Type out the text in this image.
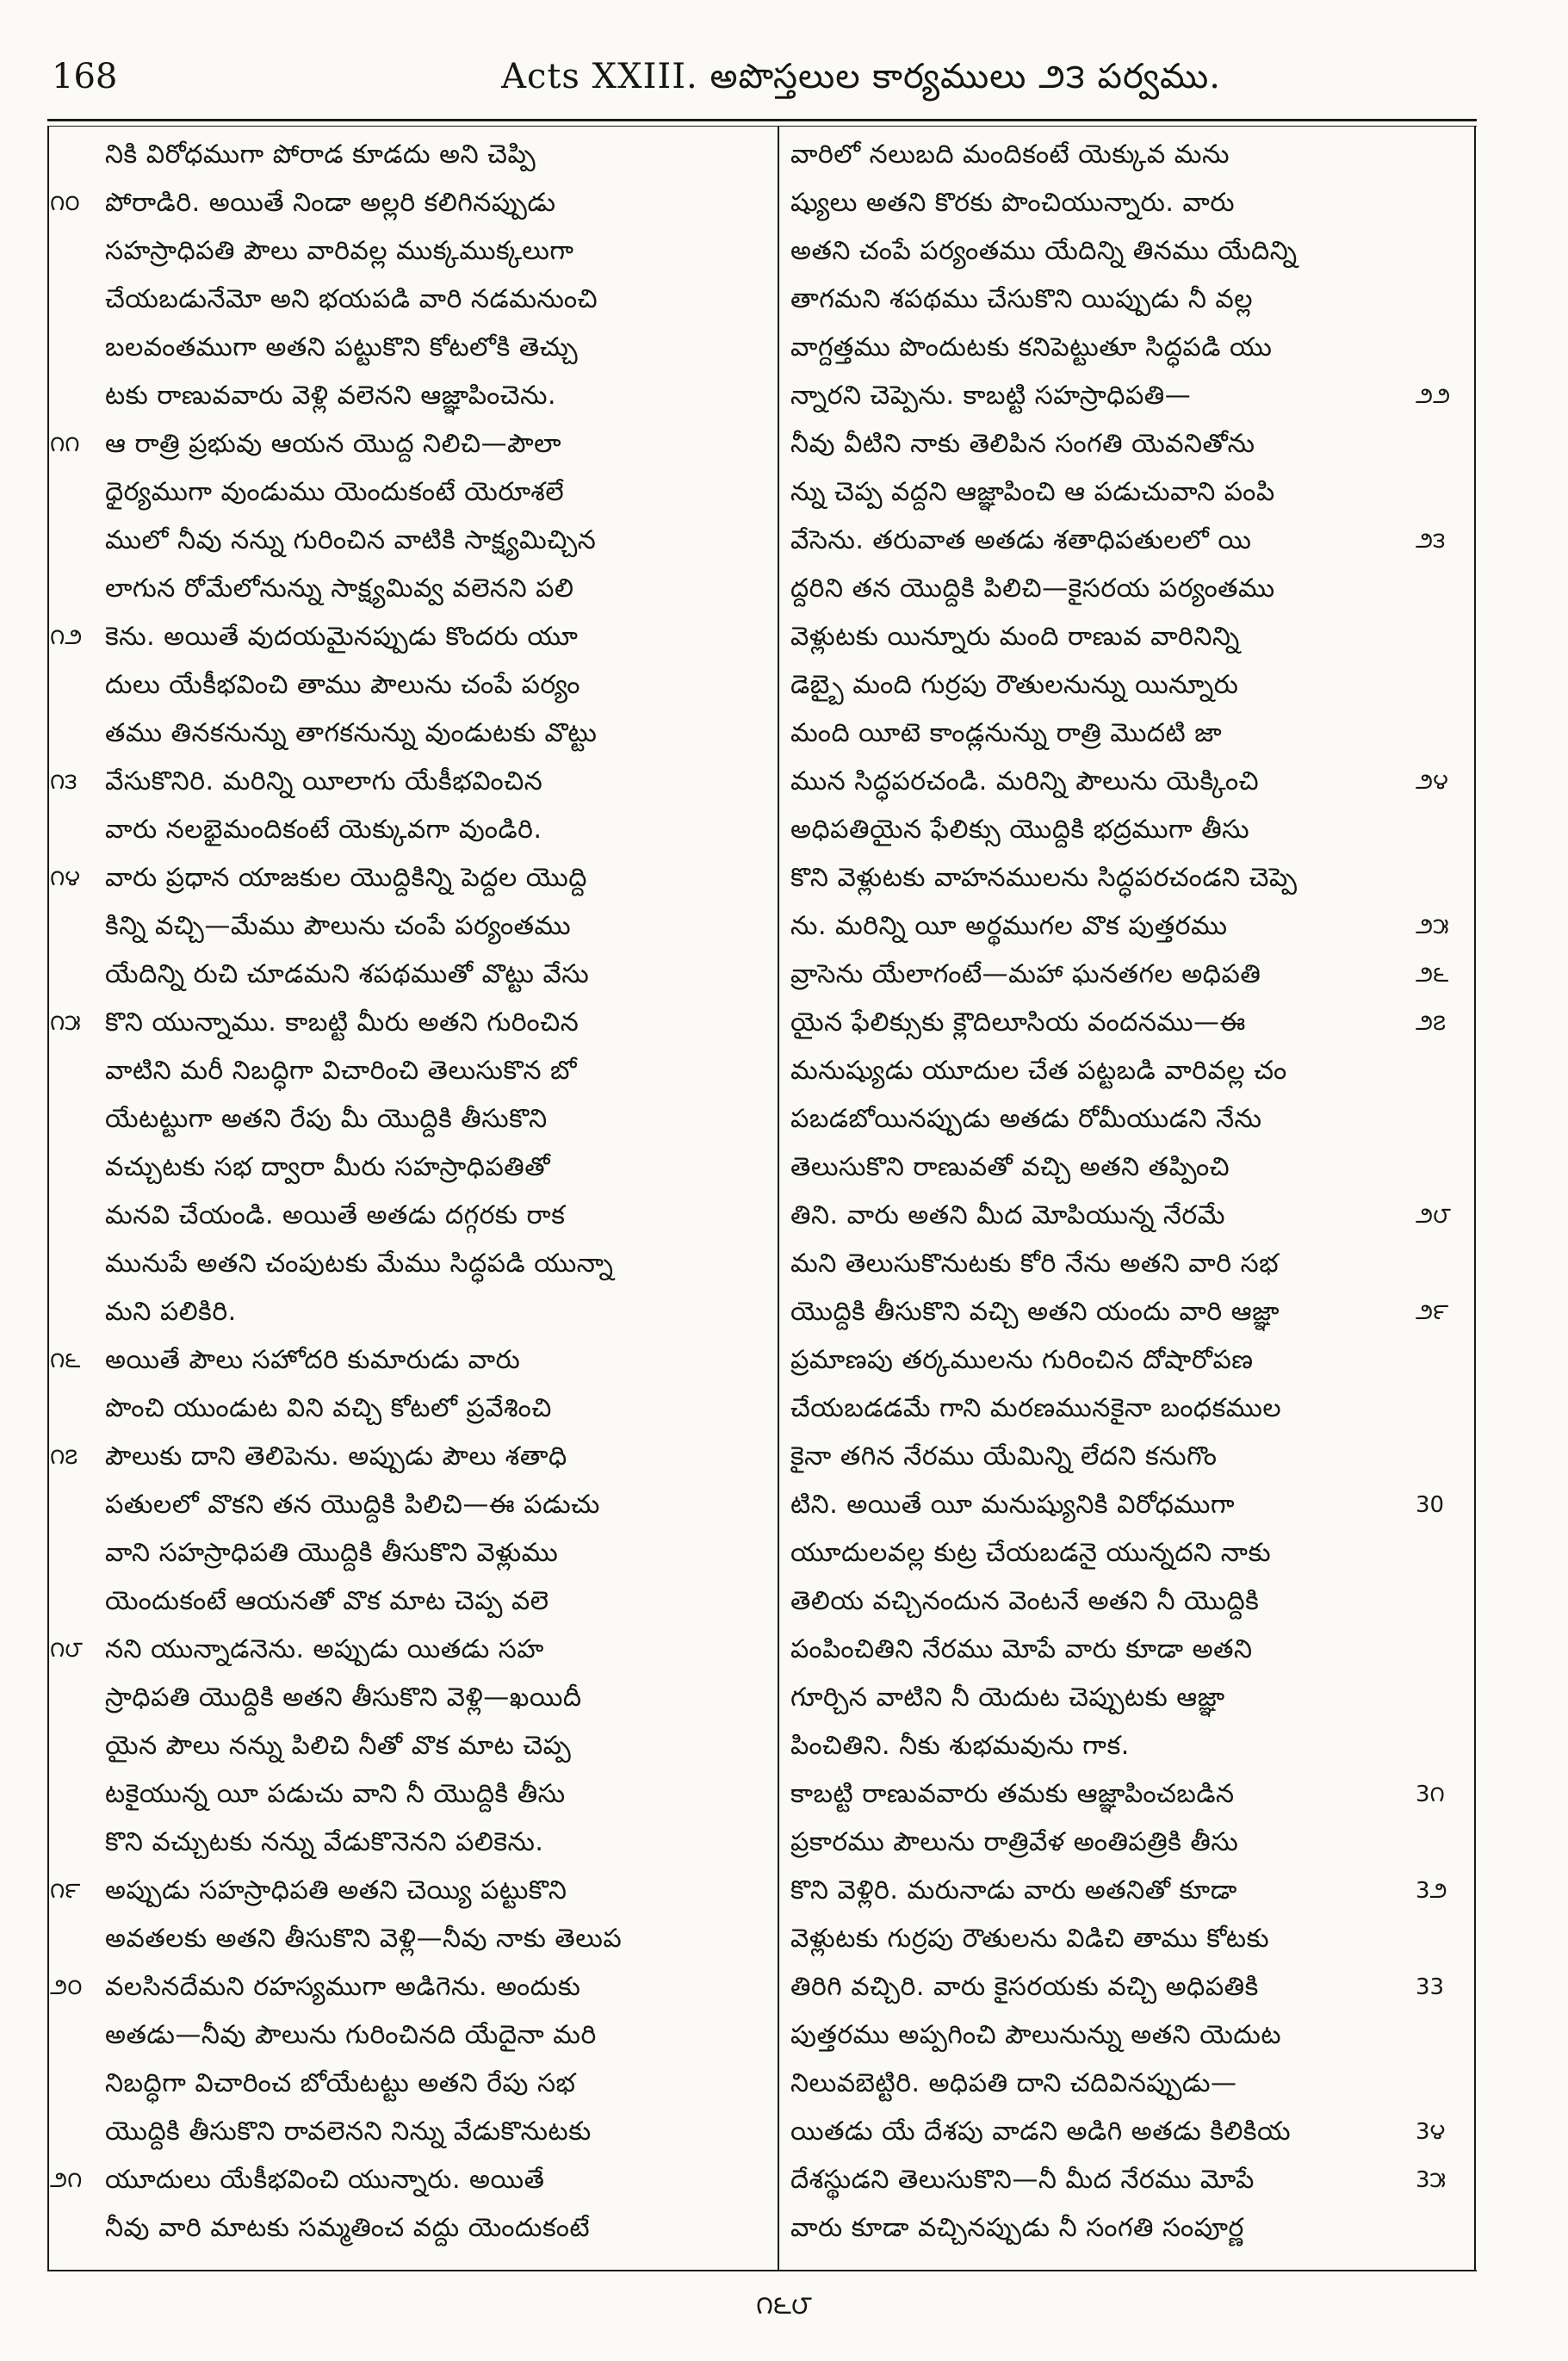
168	Acts XXIII. అపొస్తలుల కార్యములు ౨౩ పర్వము.
నికి విరోధముగా పోరాడ కూడదు అని చెప్పి
౧౦ పోరాడిరి. అయితే నిండా అల్లరి కలిగినప్పుడు
సహస్రాధిపతి పౌలు వారివల్ల ముక్కముక్కలుగా
చేయబడునేమో అని భయపడి వారి నడమనుంచి
బలవంతముగా అతని పట్టుకొని కోటలోకి తెచ్చు
టకు రాణువవారు వెళ్లి వలెనని ఆజ్ఞాపించెను.
౧౧ ఆ రాత్రి ప్రభువు ఆయన యొద్ద నిలిచి—పౌలా
ధైర్యముగా వుండుము యెందుకంటే యెరూశలే
ములో నీవు నన్ను గురించిన వాటికి సాక్ష్యమిచ్చిన
లాగున రోమేలోనున్ను సాక్ష్యమివ్వ వలెనని పలి
౧౨ కెను. అయితే వుదయమైనప్పుడు కొందరు యూ
దులు యేకీభవించి తాము పౌలును చంపే పర్యం
తము తినకనున్ను తాగకనున్ను వుండుటకు వొట్టు
౧౩	వేసుకొనిరి. మరిన్ని యీలాగు యేకీభవించిన
వారు నలభైమందికంటే యెక్కువగా వుండిరి.
౧౪ వారు ప్రధాన యాజకుల యొద్దికిన్ని పెద్దల యొద్ది
కిన్ని వచ్చి—మేము పౌలును చంపే పర్యంతము
యేదిన్ని రుచి చూడమని శపథముతో వొట్టు వేసు
౧౫ కొని యున్నాము. కాబట్టి మీరు అతని గురించిన
వాటిని మరీ నిబద్ధిగా విచారించి తెలుసుకొన బో
యేటట్టుగా అతని రేపు మీ యొద్దికి తీసుకొని
వచ్చుటకు సభ ద్వారా మీరు సహస్రాధిపతితో
మనవి చేయండి. అయితే అతడు దగ్గరకు రాక
మునుపే అతని చంపుటకు మేము సిద్ధపడి యున్నా
మని పలికిరి.
౧౬ అయితే పౌలు సహోదరి కుమారుడు వారు
పొంచి యుండుట విని వచ్చి కోటలో ప్రవేశించి
౧౭	పౌలుకు దాని తెలిపెను. అప్పుడు పౌలు శతాధి
పతులలో వొకని తన యొద్దికి పిలిచి—ఈ పడుచు
వాని సహస్రాధిపతి యొద్దికి తీసుకొని వెళ్లుము
యెందుకంటే ఆయనతో వొక మాట చెప్ప వలె
౧౮ నని యున్నాడనెను. అప్పుడు యితడు సహ
స్రాధిపతి యొద్దికి అతని తీసుకొని వెళ్లి—ఖయిదీ
యైన పౌలు నన్ను పిలిచి నీతో వొక మాట చెప్ప
టకైయున్న యీ పడుచు వాని నీ యొద్దికి తీసు
కొని వచ్చుటకు నన్ను వేడుకొనెనని పలికెను.
౧౯ అప్పుడు సహస్రాధిపతి అతని చెయ్యి పట్టుకొని
అవతలకు అతని తీసుకొని వెళ్లి—నీవు నాకు తెలుప
౨౦ వలసినదేమని రహస్యముగా అడిగెను. అందుకు
అతడు—నీవు పౌలును గురించినది యేదైనా మరి
నిబద్ధిగా విచారించ బోయేటట్టు అతని రేపు సభ
యొద్దికి తీసుకొని రావలెనని నిన్ను వేడుకొనుటకు
౨౧ యూదులు యేకీభవించి యున్నారు. అయితే
నీవు వారి మాటకు సమ్మతించ వద్దు యెందుకంటే
వారిలో నలుబది మందికంటే యెక్కువ మను
ష్యులు అతని కొరకు పొంచియున్నారు. వారు
అతని చంపే పర్యంతము యేదిన్ని తినము యేదిన్ని
తాగమని శపథము చేసుకొని యిప్పుడు నీ వల్ల
వాగ్దత్తము పొందుటకు కనిపెట్టుతూ సిద్ధపడి యు
౨౨
న్నారని చెప్పెను. కాబట్టి సహస్రాధిపతి—
నీవు వీటిని నాకు తెలిపిన సంగతి యెవనితోను
న్ను చెప్ప వద్దని ఆజ్ఞాపించి ఆ పడుచువాని పంపి
౨౩
వేసెను. తరువాత అతడు శతాధిపతులలో యి
ద్దరిని తన యొద్దికి పిలిచి—కైసరయ పర్యంతము
వెళ్లుటకు యిన్నూరు మంది రాణువ వారినిన్ని
డెబ్బై మంది గుర్రపు రౌతులనున్ను యిన్నూరు
మంది యీటె కాండ్లనున్ను రాత్రి మొదటి జా
౨౪
మున సిద్ధపరచండి. మరిన్ని పౌలును యెక్కించి
అధిపతియైన ఫేలిక్సు యొద్దికి భద్రముగా తీసు
కొని వెళ్లుటకు వాహనములను సిద్ధపరచండని చెప్పె
౨౫
ను. మరిన్ని యీ అర్థముగల వొక పుత్తరము
౨౬
వ్రాసెను యేలాగంటే—మహా ఘనతగల అధిపతి
౨౭
యైన ఫేలిక్సుకు క్లౌదిలూసియ వందనము—ఈ
మనుష్యుడు యూదుల చేత పట్టబడి వారివల్ల చం
పబడబోయినప్పుడు అతడు రోమీయుడని నేను
తెలుసుకొని రాణువతో వచ్చి అతని తప్పించి
౨౮
తిని. వారు అతని మీద మోపియున్న నేరమే
మని తెలుసుకొనుటకు కోరి నేను అతని వారి సభ
౨౯
యొద్దికి తీసుకొని వచ్చి అతని యందు వారి ఆజ్ఞా
ప్రమాణపు తర్కములను గురించిన దోషారోపణ
చేయబడడమే గాని మరణమునకైనా బంధకముల
కైనా తగిన నేరము యేమిన్ని లేదని కనుగొం
30
టిని. అయితే యీ మనుష్యునికి విరోధముగా
యూదులవల్ల కుట్ర చేయబడనై యున్నదని నాకు
తెలియ వచ్చినందున వెంటనే అతని నీ యొద్దికి
పంపించితిని నేరము మోపే వారు కూడా అతని
గూర్చిన వాటిని నీ యెదుట చెప్పుటకు ఆజ్ఞా
పించితిని. నీకు శుభమవును గాక.
3౧
కాబట్టి రాణువవారు తమకు ఆజ్ఞాపించబడిన
ప్రకారము పౌలును రాత్రివేళ అంతిపత్రికి తీసు
3౨
కొని వెళ్లిరి. మరునాడు వారు అతనితో కూడా
వెళ్లుటకు గుర్రపు రౌతులను విడిచి తాము కోటకు
33
తిరిగి వచ్చిరి. వారు కైసరయకు వచ్చి అధిపతికి
పుత్తరము అప్పగించి పౌలునున్ను అతని యెదుట
నిలువబెట్టిరి. అధిపతి దాని చదివినప్పుడు—
3౪
యితడు యే దేశపు వాడని అడిగి అతడు కిలికియ
3౫
దేశస్థుడని తెలుసుకొని—నీ మీద నేరము మోపే
వారు కూడా వచ్చినప్పుడు నీ సంగతి సంపూర్ణ
౧౬౮
